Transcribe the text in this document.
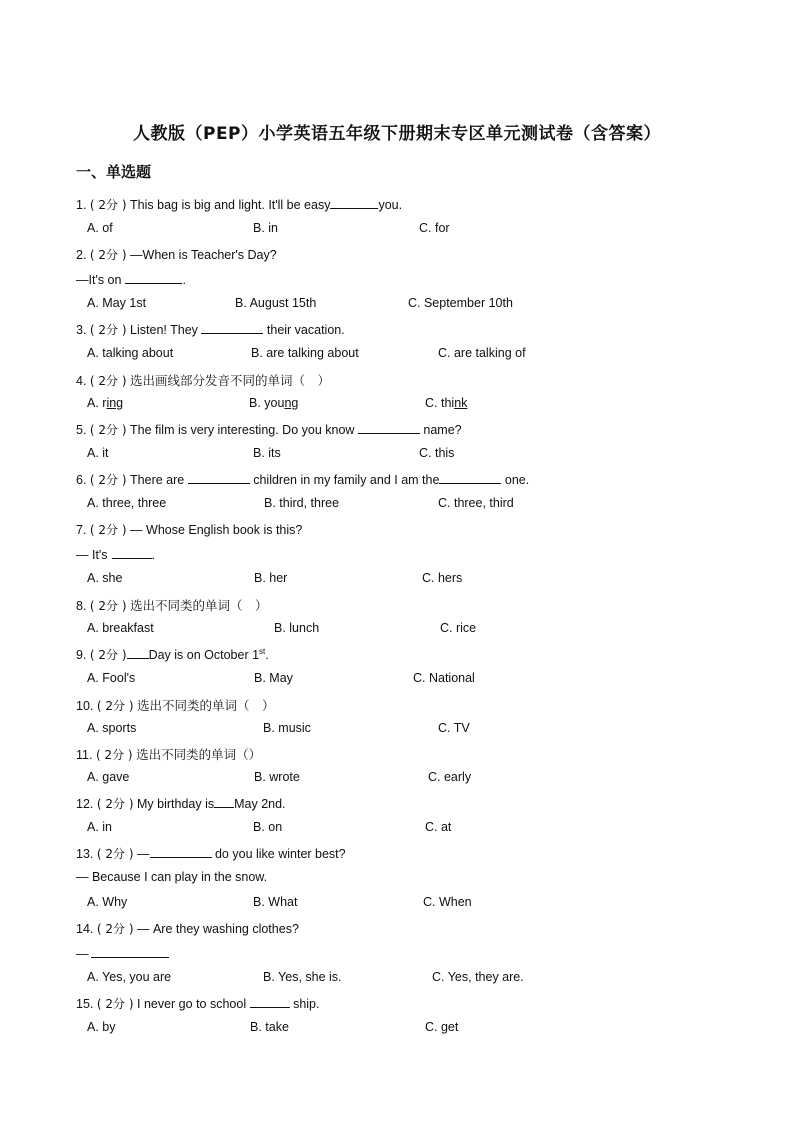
人教版（PEP）小学英语五年级下册期末专区单元测试卷（含答案）
一、单选题
1. ( 2分 ) This bag is big and light. It'll be easy	you.
A. of	B. in	C. for
2. ( 2分 ) —When is Teacher's Day?
—It's on	.
A. May 1st	B. August 15th	C. September 10th
3. ( 2分 ) Listen! They	their vacation.
A. talking about	B. are talking about	C. are talking of
4. ( 2分 ) 选出画线部分发音不同的单词（　）
A. ring	B. young	C. think
5. ( 2分 ) The film is very interesting. Do you know	name?
A. it	B. its	C. this
6. ( 2分 ) There are	children in my family and I am the	one.
A. three, three	B. third, three	C. three, third
7. ( 2分 ) — Whose English book is this?
— It's	.
A. she	B. her	C. hers
8. ( 2分 ) 选出不同类的单词（　）
A. breakfast	B. lunch	C. rice
9. ( 2分 ) Day is on October 1st.
A. Fool's	B. May	C. National
10. ( 2分 ) 选出不同类的单词（　）
A. sports	B. music	C. TV
11. ( 2分 ) 选出不同类的单词（）
A. gave	B. wrote	C. early
12. ( 2分 ) My birthday is May 2nd.
A. in	B. on	C. at
13. ( 2分 ) —	do you like winter best?
— Because I can play in the snow.
A. Why	B. What	C. When
14. ( 2分 ) — Are they washing clothes?
—
A. Yes, you are	B. Yes, she is.	C. Yes, they are.
15. ( 2分 ) I never go to school	ship.
A. by	B. take	C. get
